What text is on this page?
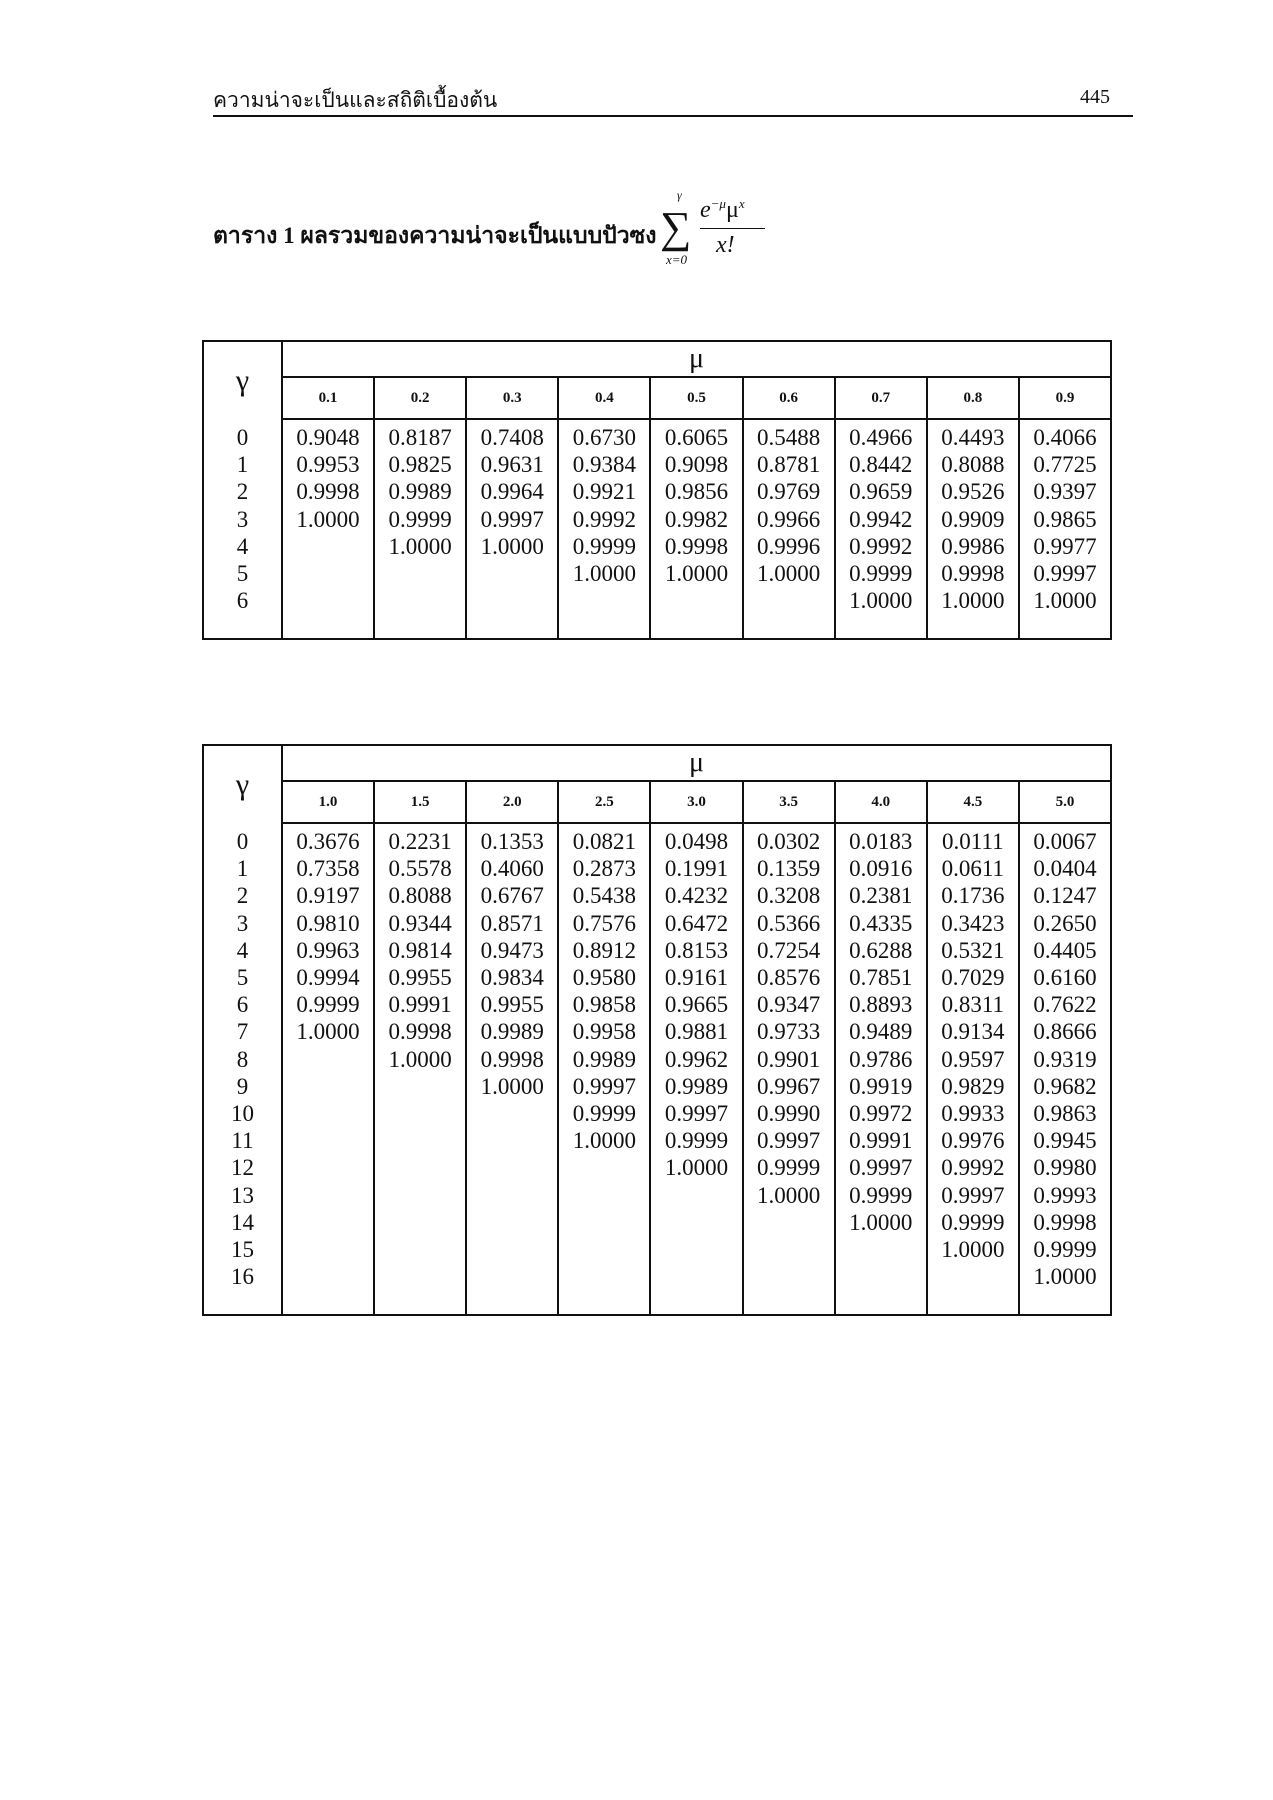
ความน่าจะเป็นและสถิติเบื้องต้น	445
ตาราง 1 ผลรวมของความน่าจะเป็นแบบปัวซง
γ
∑
x=0
$e^{-\mu}\mu^x$
x!
γ	μ								
	0.1	0.2	0.3	0.4	0.5	0.6	0.7	0.8	0.9
0	0.9048	0.8187	0.7408	0.6730	0.6065	0.5488	0.4966	0.4493	0.4066
1	0.9953	0.9825	0.9631	0.9384	0.9098	0.8781	0.8442	0.8088	0.7725
2	0.9998	0.9989	0.9964	0.9921	0.9856	0.9769	0.9659	0.9526	0.9397
3	1.0000	0.9999	0.9997	0.9992	0.9982	0.9966	0.9942	0.9909	0.9865
4		1.0000	1.0000	0.9999	0.9998	0.9996	0.9992	0.9986	0.9977
5				1.0000	1.0000	1.0000	0.9999	0.9998	0.9997
6							1.0000	1.0000	1.0000

γ	μ								
	1.0	1.5	2.0	2.5	3.0	3.5	4.0	4.5	5.0
0	0.3676	0.2231	0.1353	0.0821	0.0498	0.0302	0.0183	0.0111	0.0067
1	0.7358	0.5578	0.4060	0.2873	0.1991	0.1359	0.0916	0.0611	0.0404
2	0.9197	0.8088	0.6767	0.5438	0.4232	0.3208	0.2381	0.1736	0.1247
3	0.9810	0.9344	0.8571	0.7576	0.6472	0.5366	0.4335	0.3423	0.2650
4	0.9963	0.9814	0.9473	0.8912	0.8153	0.7254	0.6288	0.5321	0.4405
5	0.9994	0.9955	0.9834	0.9580	0.9161	0.8576	0.7851	0.7029	0.6160
6	0.9999	0.9991	0.9955	0.9858	0.9665	0.9347	0.8893	0.8311	0.7622
7	1.0000	0.9998	0.9989	0.9958	0.9881	0.9733	0.9489	0.9134	0.8666
8		1.0000	0.9998	0.9989	0.9962	0.9901	0.9786	0.9597	0.9319
9			1.0000	0.9997	0.9989	0.9967	0.9919	0.9829	0.9682
10				0.9999	0.9997	0.9990	0.9972	0.9933	0.9863
11				1.0000	0.9999	0.9997	0.9991	0.9976	0.9945
12					1.0000	0.9999	0.9997	0.9992	0.9980
13						1.0000	0.9999	0.9997	0.9993
14							1.0000	0.9999	0.9998
15								1.0000	0.9999
16									1.0000
